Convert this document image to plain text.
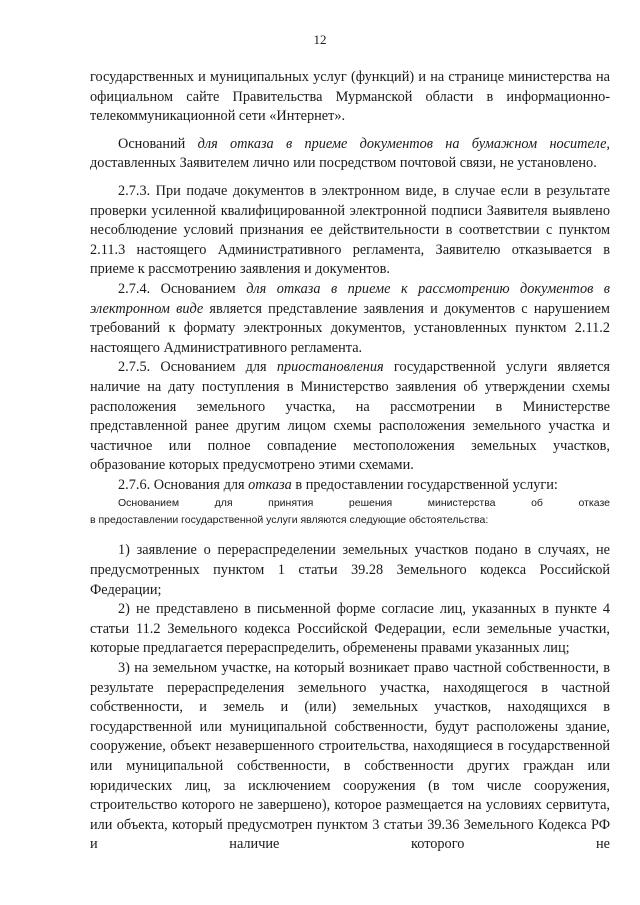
12

государственных и муниципальных услуг (функций) и на странице министерства на официальном сайте Правительства Мурманской области в информационно-телекоммуникационной сети «Интернет».

Оснований для отказа в приеме документов на бумажном носителе, доставленных Заявителем лично или посредством почтовой связи, не установлено.

2.7.3. При подаче документов в электронном виде, в случае если в результате проверки усиленной квалифицированной электронной подписи Заявителя выявлено несоблюдение условий признания ее действительности в соответствии с пунктом 2.11.3 настоящего Административного регламента, Заявителю отказывается в приеме к рассмотрению заявления и документов.

2.7.4. Основанием для отказа в приеме к рассмотрению документов в электронном виде является представление заявления и документов с нарушением требований к формату электронных документов, установленных пунктом 2.11.2 настоящего Административного регламента.

2.7.5. Основанием для приостановления государственной услуги является наличие на дату поступления в Министерство заявления об утверждении схемы расположения земельного участка, на рассмотрении в Министерстве представленной ранее другим лицом схемы расположения земельного участка и частичное или полное совпадение местоположения земельных участков, образование которых предусмотрено этими схемами.

2.7.6. Основания для отказа в предоставлении государственной услуги:

Основанием для принятия решения министерства об отказе

в предоставлении государственной услуги являются следующие обстоятельства:

1) заявление о перераспределении земельных участков подано в случаях, не предусмотренных пунктом 1 статьи 39.28 Земельного кодекса Российской Федерации;

2) не представлено в письменной форме согласие лиц, указанных в пункте 4 статьи 11.2 Земельного кодекса Российской Федерации, если земельные участки, которые предлагается перераспределить, обременены правами указанных лиц;

3) на земельном участке, на который возникает право частной собственности, в результате перераспределения земельного участка, находящегося в частной собственности, и земель и (или) земельных участков, находящихся в государственной или муниципальной собственности, будут расположены здание, сооружение, объект незавершенного строительства, находящиеся в государственной или муниципальной собственности, в собственности других граждан или юридических лиц, за исключением сооружения (в том числе сооружения, строительство которого не завершено), которое размещается на условиях сервитута, или объекта, который предусмотрен пунктом 3 статьи 39.36 Земельного Кодекса РФ и наличие которого не
